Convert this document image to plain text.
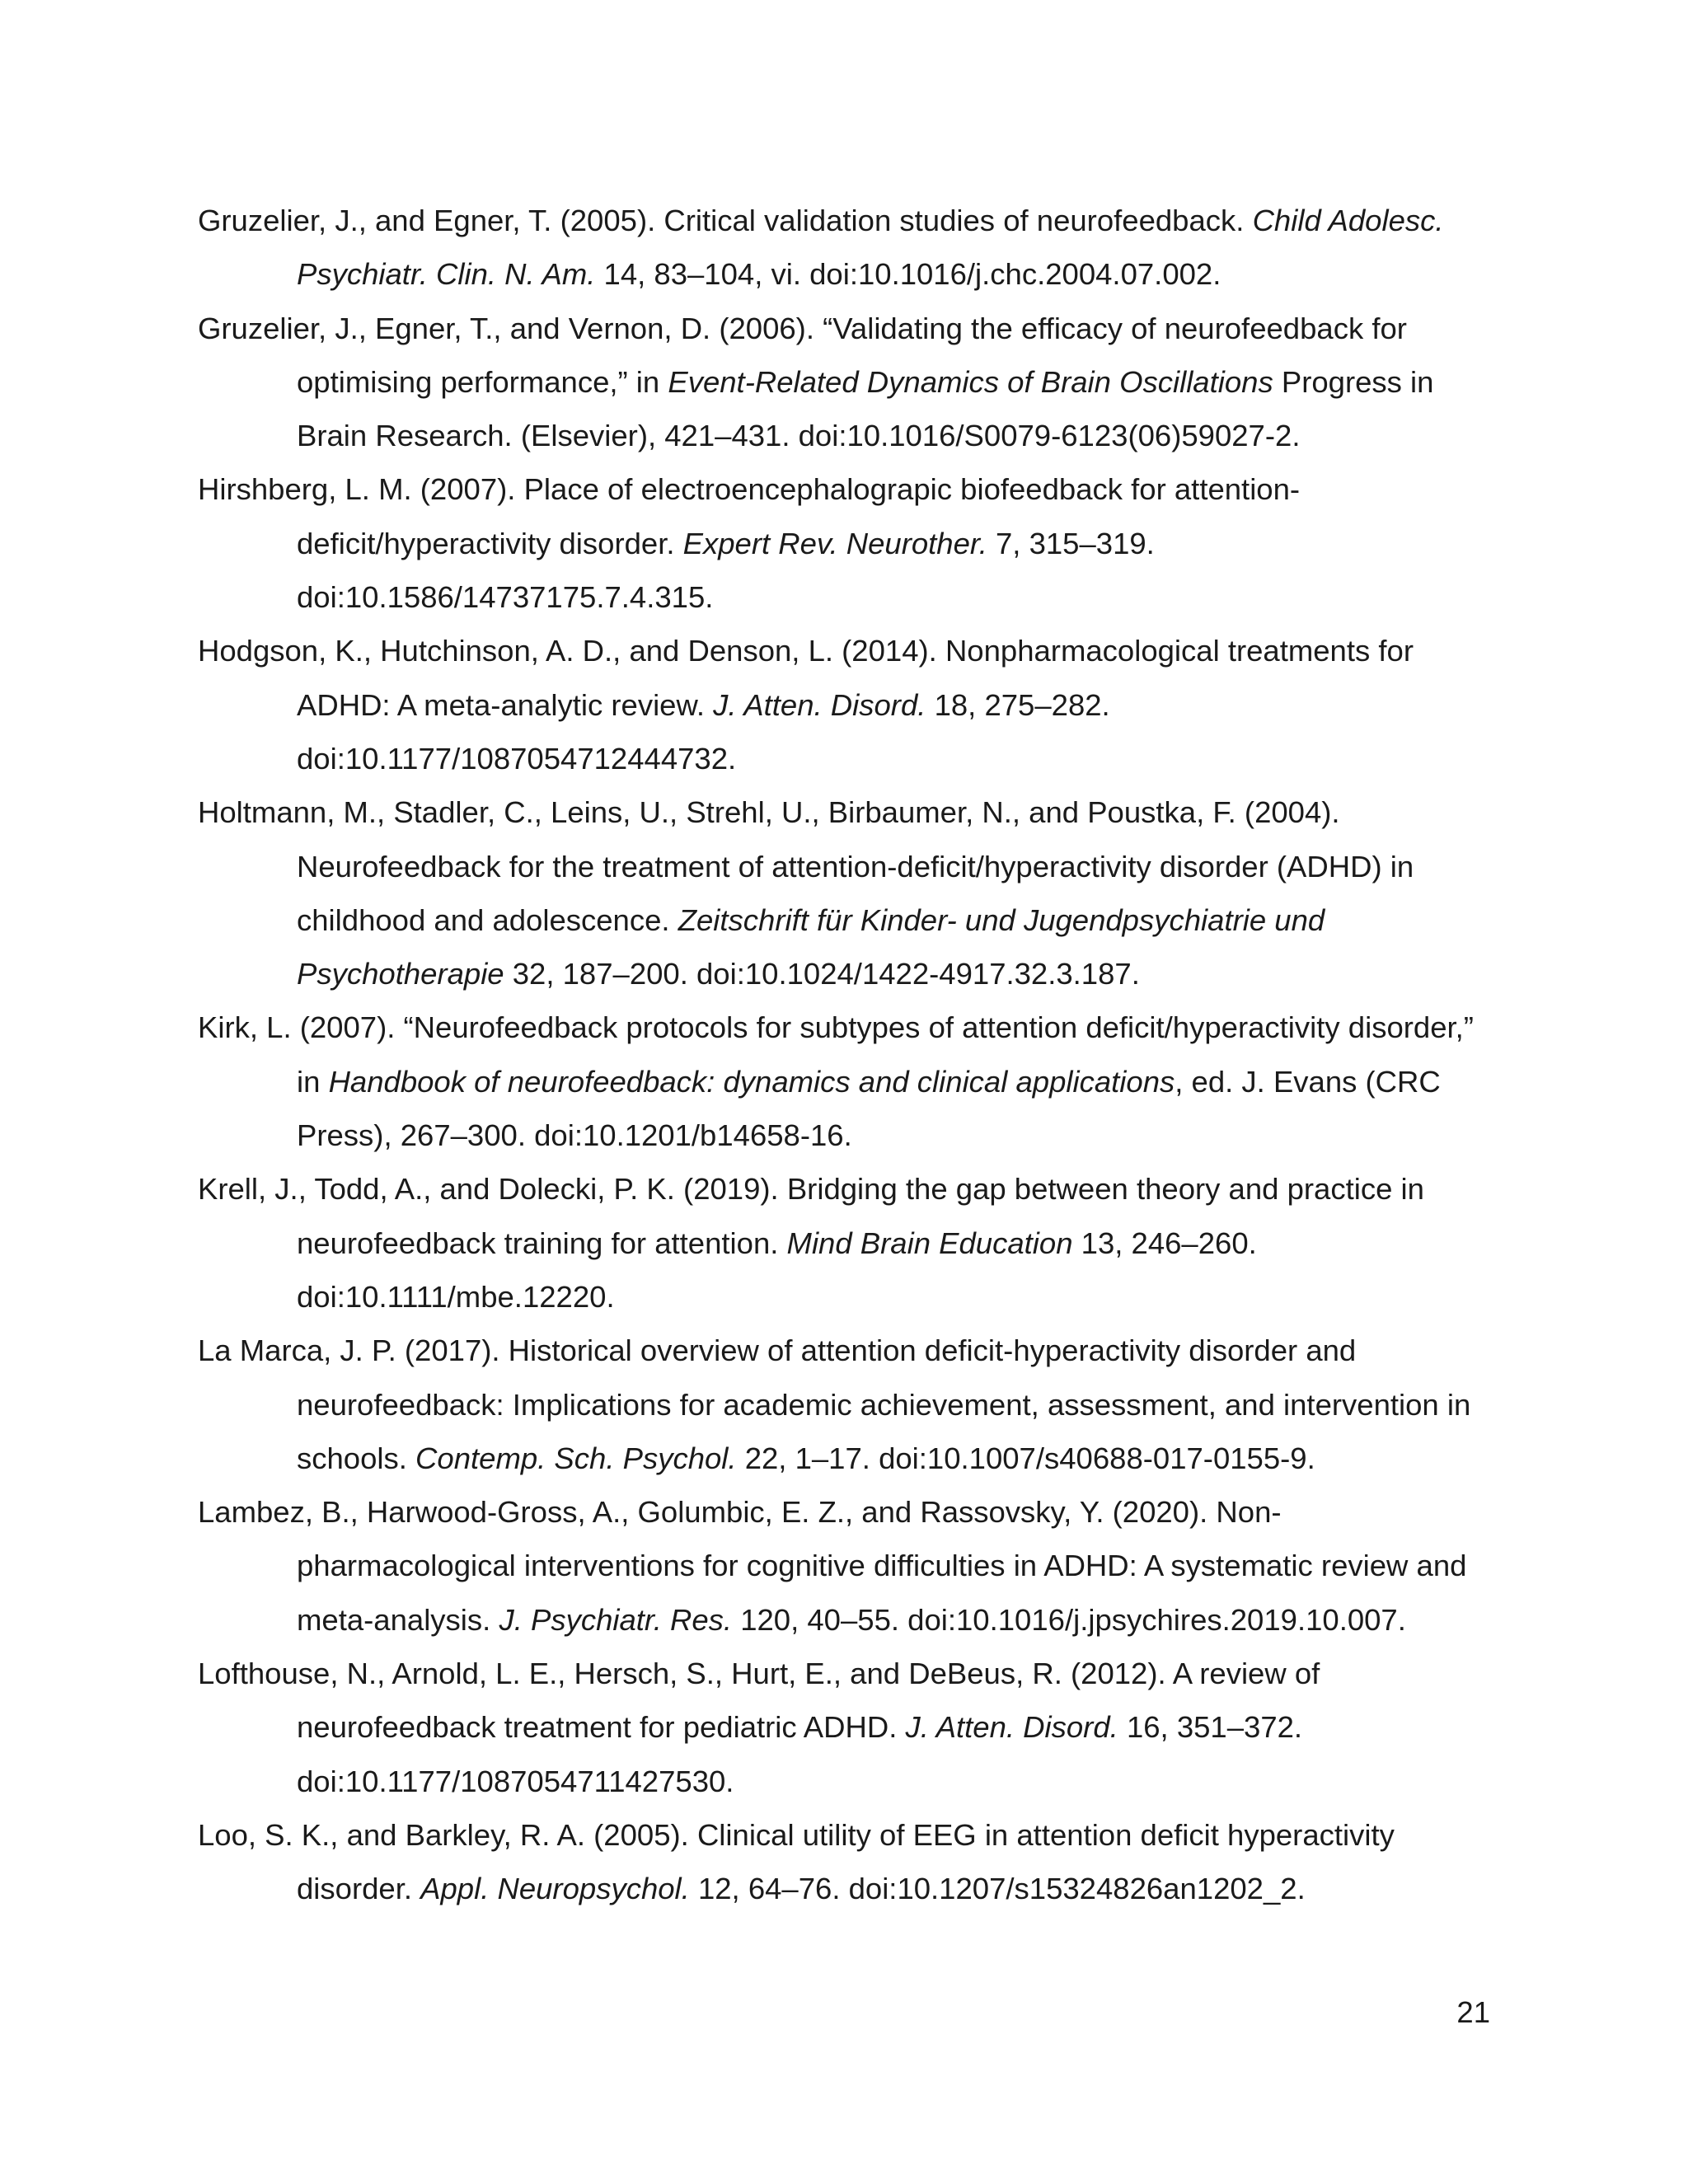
Gruzelier, J., and Egner, T. (2005). Critical validation studies of neurofeedback. Child Adolesc. Psychiatr. Clin. N. Am. 14, 83–104, vi. doi:10.1016/j.chc.2004.07.002.
Gruzelier, J., Egner, T., and Vernon, D. (2006). “Validating the efficacy of neurofeedback for optimising performance,” in Event-Related Dynamics of Brain Oscillations Progress in Brain Research. (Elsevier), 421–431. doi:10.1016/S0079-6123(06)59027-2.
Hirshberg, L. M. (2007). Place of electroencephalograpic biofeedback for attention-deficit/hyperactivity disorder. Expert Rev. Neurother. 7, 315–319. doi:10.1586/14737175.7.4.315.
Hodgson, K., Hutchinson, A. D., and Denson, L. (2014). Nonpharmacological treatments for ADHD: A meta-analytic review. J. Atten. Disord. 18, 275–282. doi:10.1177/1087054712444732.
Holtmann, M., Stadler, C., Leins, U., Strehl, U., Birbaumer, N., and Poustka, F. (2004). Neurofeedback for the treatment of attention-deficit/hyperactivity disorder (ADHD) in childhood and adolescence. Zeitschrift für Kinder- und Jugendpsychiatrie und Psychotherapie 32, 187–200. doi:10.1024/1422-4917.32.3.187.
Kirk, L. (2007). “Neurofeedback protocols for subtypes of attention deficit/hyperactivity disorder,” in Handbook of neurofeedback: dynamics and clinical applications, ed. J. Evans (CRC Press), 267–300. doi:10.1201/b14658-16.
Krell, J., Todd, A., and Dolecki, P. K. (2019). Bridging the gap between theory and practice in neurofeedback training for attention. Mind Brain Education 13, 246–260. doi:10.1111/mbe.12220.
La Marca, J. P. (2017). Historical overview of attention deficit-hyperactivity disorder and neurofeedback: Implications for academic achievement, assessment, and intervention in schools. Contemp. Sch. Psychol. 22, 1–17. doi:10.1007/s40688-017-0155-9.
Lambez, B., Harwood-Gross, A., Golumbic, E. Z., and Rassovsky, Y. (2020). Non-pharmacological interventions for cognitive difficulties in ADHD: A systematic review and meta-analysis. J. Psychiatr. Res. 120, 40–55. doi:10.1016/j.jpsychires.2019.10.007.
Lofthouse, N., Arnold, L. E., Hersch, S., Hurt, E., and DeBeus, R. (2012). A review of neurofeedback treatment for pediatric ADHD. J. Atten. Disord. 16, 351–372. doi:10.1177/1087054711427530.
Loo, S. K., and Barkley, R. A. (2005). Clinical utility of EEG in attention deficit hyperactivity disorder. Appl. Neuropsychol. 12, 64–76. doi:10.1207/s15324826an1202_2.
21
